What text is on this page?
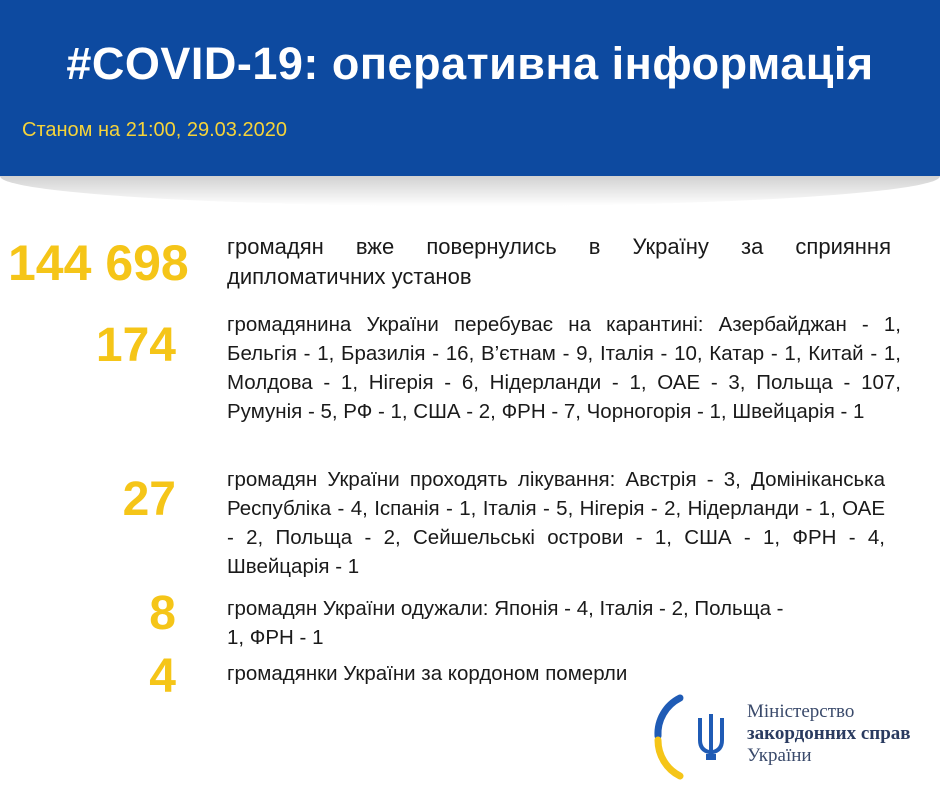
#COVID-19: оперативна інформація
Станом на 21:00, 29.03.2020
144 698	громадян вже повернулись в Україну за сприяння дипломатичних установ
174 громадянина України перебуває на карантині: Азербайджан - 1, Бельгія - 1, Бразилія - 16, В’єтнам - 9, Італія - 10, Катар - 1, Китай - 1, Молдова - 1, Нігерія - 6, Нідерланди - 1, ОАЕ - 3, Польща - 107, Румунія - 5, РФ - 1, США - 2, ФРН - 7, Чорногорія - 1, Швейцарія - 1
27 громадян України проходять лікування: Австрія - 3, Домініканська Республіка - 4, Іспанія - 1, Італія - 5, Нігерія - 2, Нідерланди - 1, ОАЕ - 2, Польща - 2, Сейшельські острови - 1, США - 1, ФРН - 4, Швейцарія - 1
8 громадян України одужали: Японія - 4, Італія - 2, Польща - 1, ФРН - 1
4 громадянки України за кордоном померли
Міністерство
закордонних справ
України
